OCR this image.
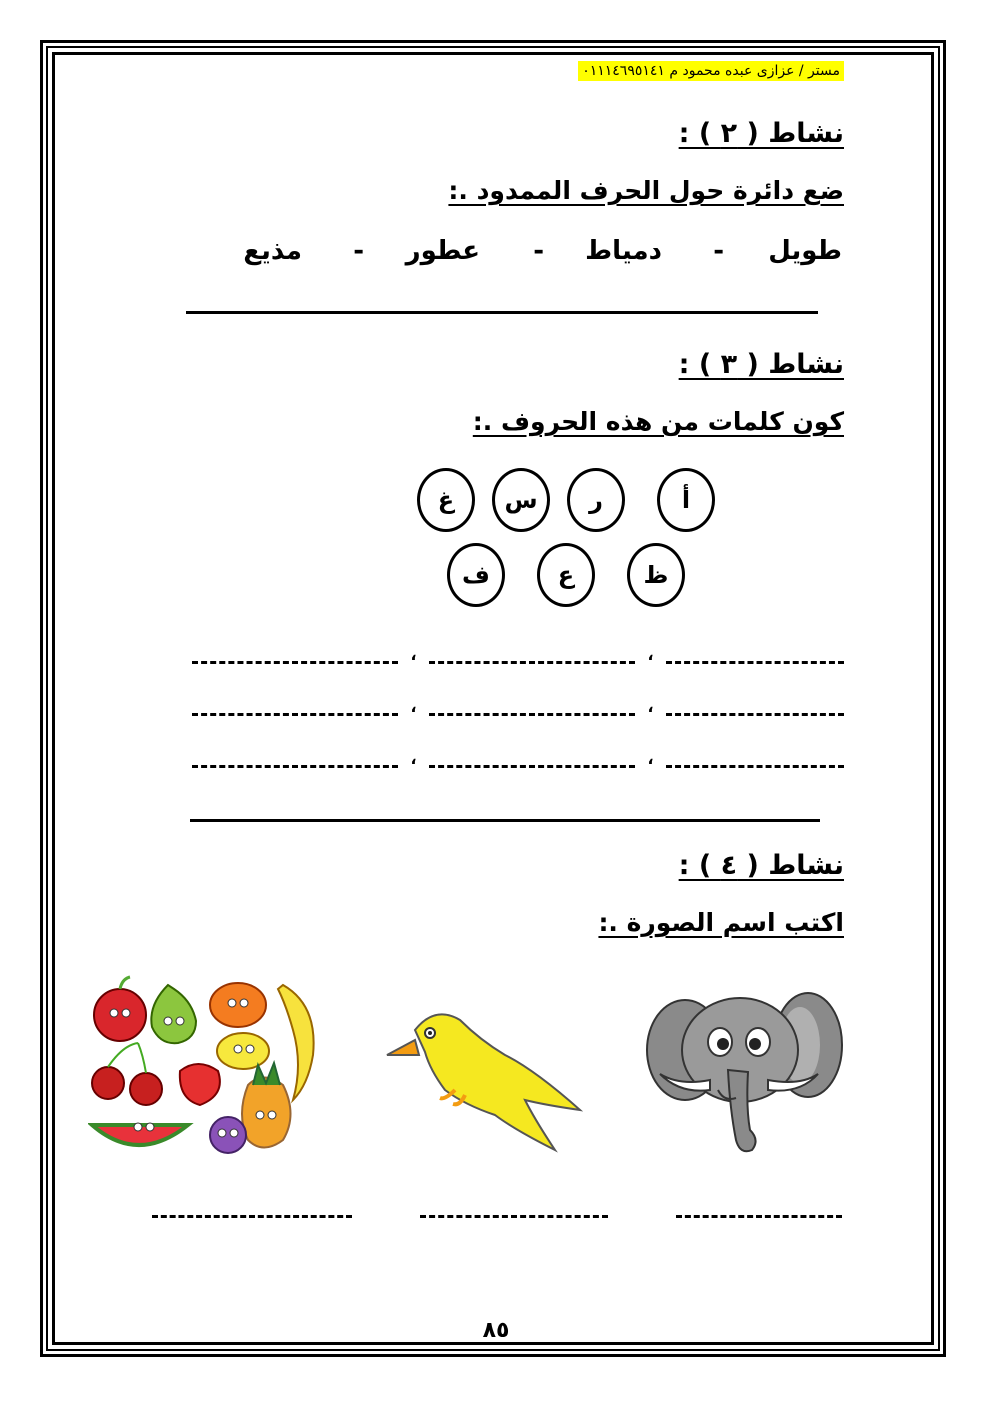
مستر / عزازى عبده محمود م ٠١١١٤٦٩٥١٤١
نشاط ( ٢ ) :
ضع دائرة حول الحرف الممدود .:
طويل
-
دمياط
-
عطور
-
مذيع
نشاط ( ٣ ) :
كون كلمات من هذه الحروف .:
أ
ر
س
غ
ظ
ع
ف
،
،
،
،
،
،
نشاط ( ٤ ) :
اكتب اسم الصورة .:
٨٥
